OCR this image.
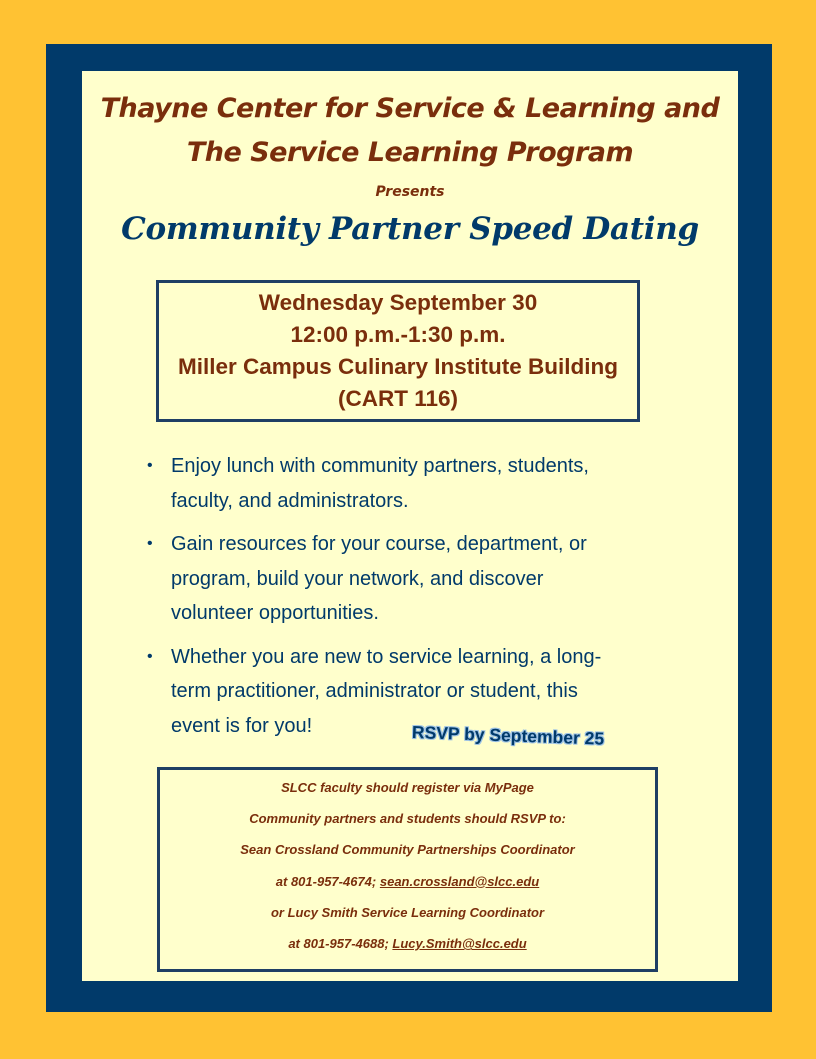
Thayne Center for Service & Learning and
The Service Learning Program
Presents
Community Partner Speed Dating
Wednesday September 30
12:00 p.m.-1:30 p.m.
Miller Campus Culinary Institute Building
(CART 116)
• Enjoy lunch with community partners, students,
faculty, and administrators.
• Gain resources for your course, department, or
program, build your network, and discover
volunteer opportunities.
• Whether you are new to service learning, a long-
term practitioner, administrator or student, this
event is for you!	RSVP by September 25
SLCC faculty should register via MyPage
Community partners and students should RSVP to:
Sean Crossland Community Partnerships Coordinator
at 801-957-4674; sean.crossland@slcc.edu
or Lucy Smith Service Learning Coordinator
at 801-957-4688; Lucy.Smith@slcc.edu
